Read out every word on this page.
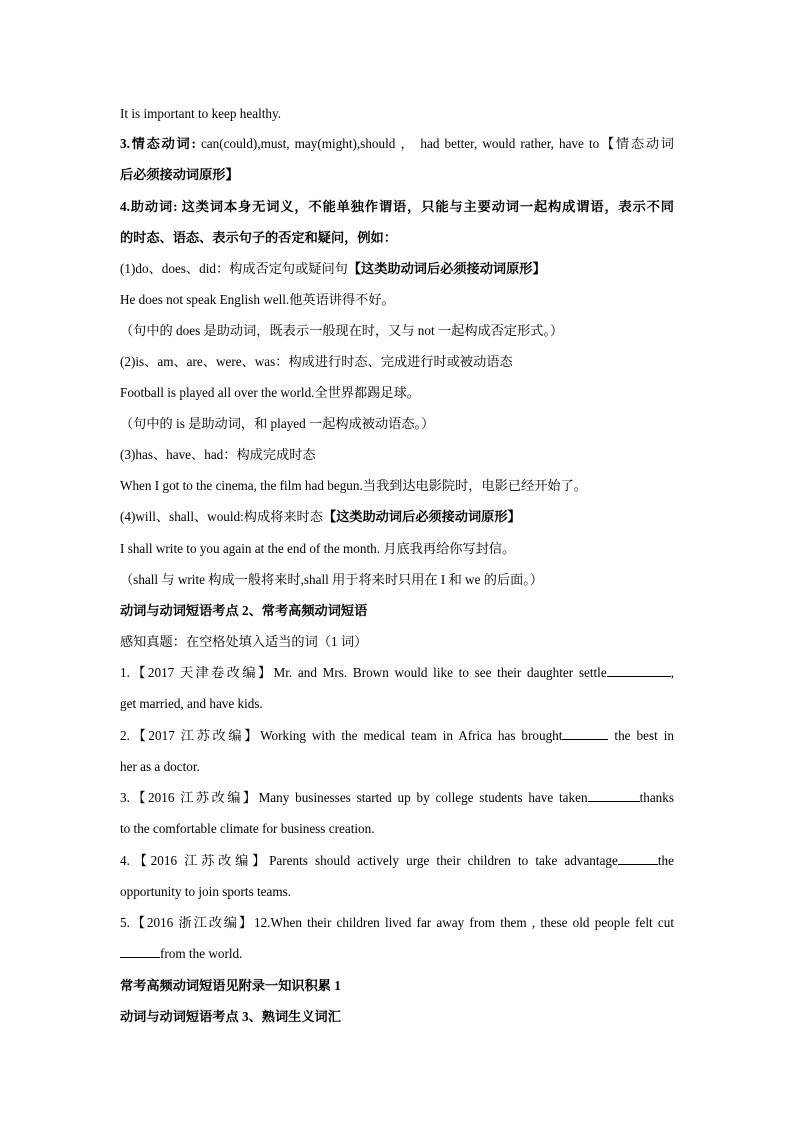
It is important to keep healthy.
3.情态动词: can(could),must, may(might),should ， had better, would rather, have to【情态动词
后必须接动词原形】
4.助动词: 这类词本身无词义，不能单独作谓语，只能与主要动词一起构成谓语，表示不同
的时态、语态、表示句子的否定和疑问，例如：
(1)do、does、did：构成否定句或疑问句【这类助动词后必须接动词原形】
He does not speak English well.他英语讲得不好。
（句中的 does 是助动词，既表示一般现在时，又与 not 一起构成否定形式。）
(2)is、am、are、were、was：构成进行时态、完成进行时或被动语态
Football is played all over the world.全世界都踢足球。
（句中的 is 是助动词，和 played 一起构成被动语态。）
(3)has、have、had：构成完成时态
When I got to the cinema, the film had begun.当我到达电影院时，电影已经开始了。
(4)will、shall、would:构成将来时态【这类助动词后必须接动词原形】
I shall write to you again at the end of the month. 月底我再给你写封信。
（shall 与 write 构成一般将来时,shall 用于将来时只用在 I 和 we 的后面。）
动词与动词短语考点 2、常考高频动词短语
感知真题：在空格处填入适当的词（1 词）
1.【2017 天津卷改编】Mr. and Mrs. Brown would like to see their daughter settle	,
get married, and have kids.
2.【2017 江苏改编】Working with the medical team in Africa has brought	the best in
her as a doctor.
3.【2016 江苏改编】Many businesses started up by college students have taken	thanks
to the comfortable climate for business creation.
4.【2016 江苏改编】Parents should actively urge their children to take advantage	the
opportunity to join sports teams.
5.【2016 浙江改编】12.When their children lived far away from them , these old people felt cut
from the world.
常考高频动词短语见附录一知识积累 1
动词与动词短语考点 3、熟词生义词汇
